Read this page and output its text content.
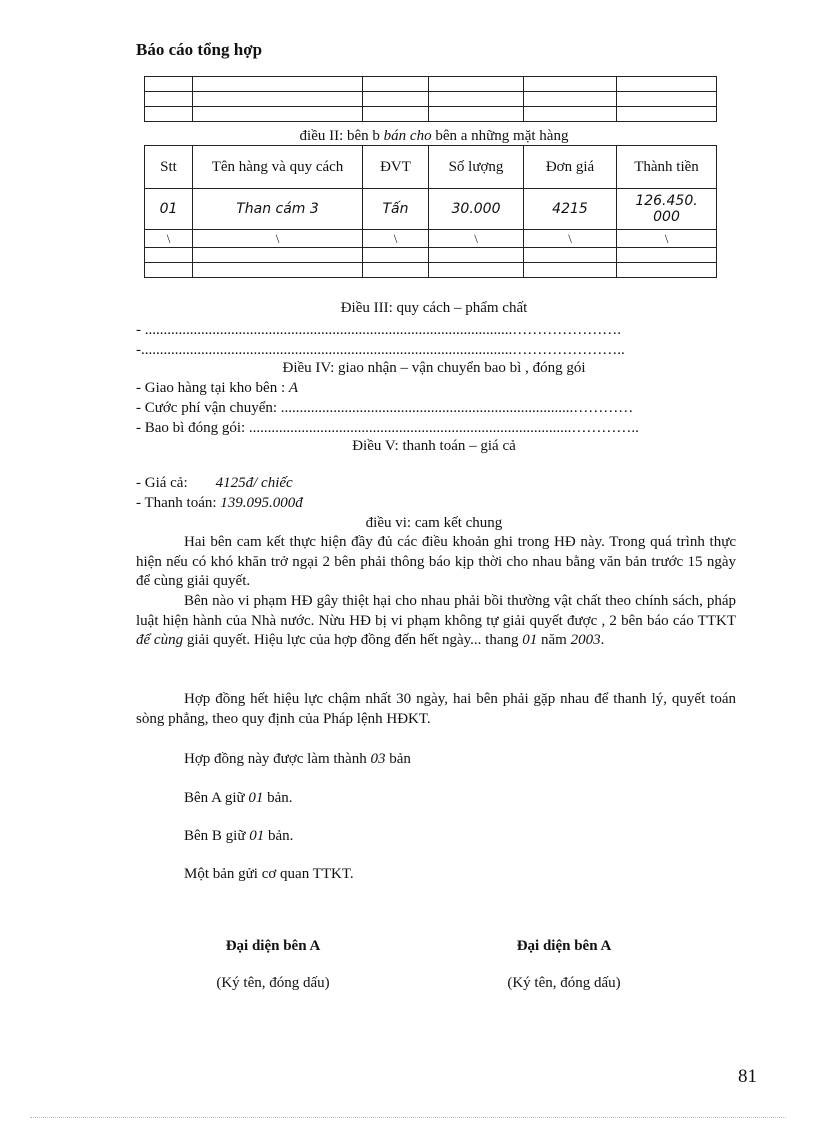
Báo cáo tổng hợp

điều II: bên b bán cho bên a những mặt hàng
Stt	Tên hàng và quy cách	ĐVT	Số lượng	Đơn giá	Thành tiền
01	Than cám 3	Tấn	30.000	4215	126.450.
000
\	\	\	\	\	\

Điều III: quy cách – phẩm chất
- ..................................................................................................………………….
-...................................................................................................…………………..
Điều IV: giao nhận – vận chuyển bao bì , đóng gói
- Giao hàng tại kho bên : A
- Cước phí vận chuyển: ..............................................................................…………
- Bao bì đóng gói: ......................................................................................…………..
Điều V: thanh toán – giá cả
- Giá cả: 4125đ/ chiếc
- Thanh toán: 139.095.000đ
điều vi: cam kết chung

Hai bên cam kết thực hiện đầy đủ các điều khoản ghi trong HĐ này. Trong quá trình thực hiện nếu có khó khăn trở ngại 2 bên phải thông báo kịp thời cho nhau bằng văn bản trước 15 ngày để cùng giải quyết.

Bên nào vi phạm HĐ gây thiệt hại cho nhau phải bồi thường vật chất theo chính sách, pháp luật hiện hành của Nhà nước. Nừu HĐ bị vi phạm không tự giải quyết được , 2 bên báo cáo TTKT để cùng giải quyết. Hiệu lực của hợp đồng đến hết ngày... thang 01 năm 2003.

Hợp đồng hết hiệu lực chậm nhất 30 ngày, hai bên phải gặp nhau để thanh lý, quyết toán sòng phẳng, theo quy định của Pháp lệnh HĐKT.

Hợp đồng này được làm thành 03 bản
Bên A giữ 01 bản.
Bên B giữ 01 bản.
Một bản gửi cơ quan TTKT.
Đại diện bên A
(Ký tên, đóng dấu)
Đại diện bên A
(Ký tên, đóng dấu)
81
